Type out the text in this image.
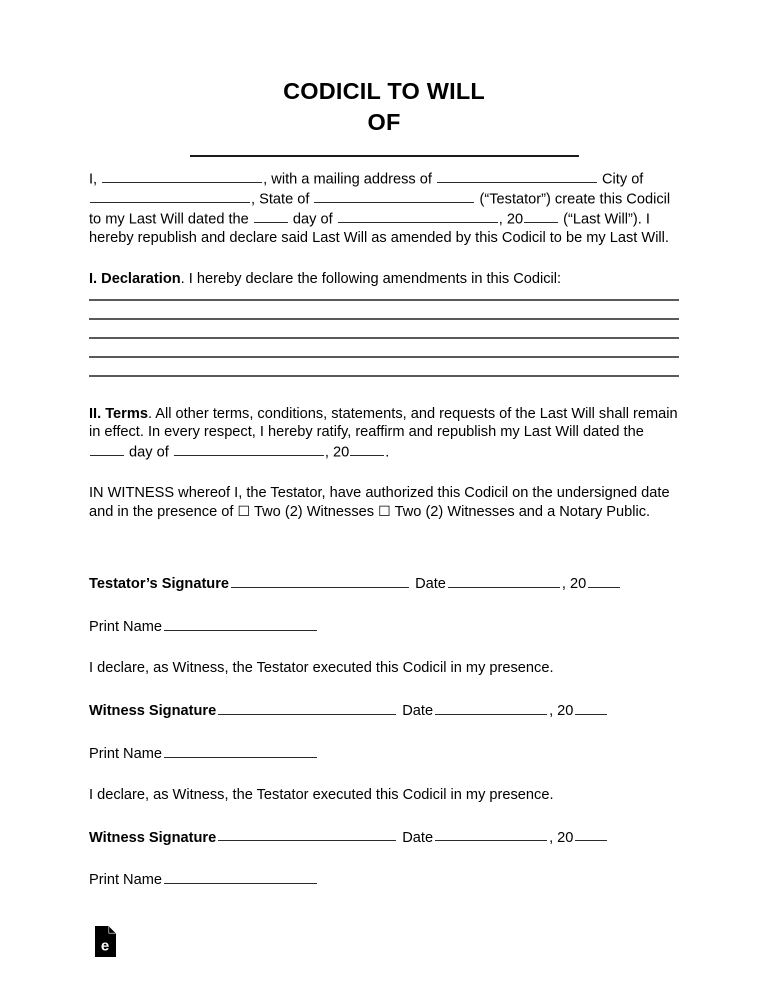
CODICIL TO WILL
OF

I,	, with a mailing address of	City of , State of	(“Testator”) create this Codicil to my Last Will dated the  day of	, 20 (“Last Will”). I hereby republish and declare said Last Will as amended by this Codicil to be my Last Will.

I. Declaration. I hereby declare the following amendments in this Codicil:

II. Terms. All other terms, conditions, statements, and requests of the Last Will shall remain in effect. In every respect, I hereby ratify, reaffirm and republish my Last Will dated the  day of	, 20 .

IN WITNESS whereof I, the Testator, have authorized this Codicil on the undersigned date and in the presence of ☐ Two (2) Witnesses ☐ Two (2) Witnesses and a Notary Public.

Testator’s Signature	Date	, 20
Print Name
I declare, as Witness, the Testator executed this Codicil in my presence.
Witness Signature	Date	, 20
Print Name
I declare, as Witness, the Testator executed this Codicil in my presence.
Witness Signature	Date	, 20
Print Name
e
